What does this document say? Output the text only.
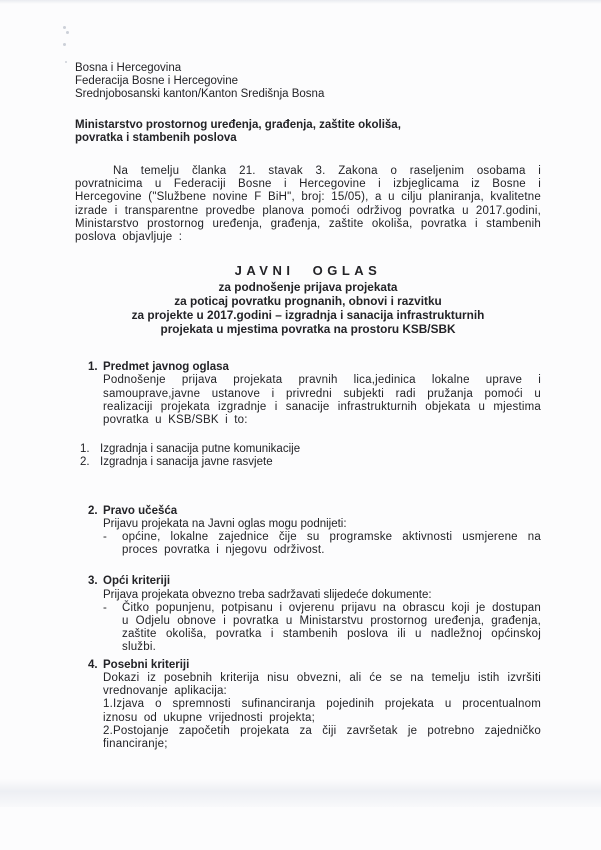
Bosna i Hercegovina
Federacija Bosne i Hercegovine
Srednjobosanski kanton/Kanton Središnja Bosna
Ministarstvo prostornog uređenja, građenja, zaštite okoliša,
povratka i stambenih poslova

Na temelju članka 21. stavak 3. Zakona o raseljenim osobama i povratnicima u Federaciji Bosne i Hercegovine i izbjeglicama iz Bosne i Hercegovine ("Službene novine F BiH", broj: 15/05), a u cilju planiranja, kvalitetne izrade i transparentne provedbe planova pomoći održivog povratka u 2017.godini, Ministarstvo prostornog uređenja, građenja, zaštite okoliša, povratka i stambenih poslova objavljuje :

JAVNI OGLAS
za podnošenje prijava projekata
za poticaj povratku prognanih, obnovi i razvitku
za projekte u 2017.godini – izgradnja i sanacija infrastrukturnih
projekata u mjestima povratka na prostoru KSB/SBK
1. Predmet javnog oglasa

Podnošenje prijava projekata pravnih lica,jedinica lokalne uprave i samouprave,javne ustanove i privredni subjekti radi pružanja pomoći u realizaciji projekata izgradnje i sanacije infrastrukturnih objekata u mjestima povratka u KSB/SBK i to:

1. Izgradnja i sanacija putne komunikacije
2. Izgradnja i sanacija javne rasvjete
2. Pravo učešća
Prijavu projekata na Javni oglas mogu podnijeti:
-	općine, lokalne zajednice čije su programske aktivnosti usmjerene na proces povratka i njegovu održivost.
3. Opći kriteriji
Prijava projekata obvezno treba sadržavati slijedeće dokumente:
-	Čitko popunjenu, potpisanu i ovjerenu prijavu na obrascu koji je dostupan u Odjelu obnove i povratka u Ministarstvu prostornog uređenja, građenja, zaštite okoliša, povratka i stambenih poslova ili u nadležnoj općinskoj službi.
4. Posebni kriteriji

Dokazi iz posebnih kriterija nisu obvezni, ali će se na temelju istih izvršiti vrednovanje aplikacija:

1.Izjava o spremnosti sufinanciranja pojedinih projekata u procentualnom iznosu od ukupne vrijednosti projekta;

2.Postojanje započetih projekata za čiji završetak je potrebno zajedničko financiranje;
